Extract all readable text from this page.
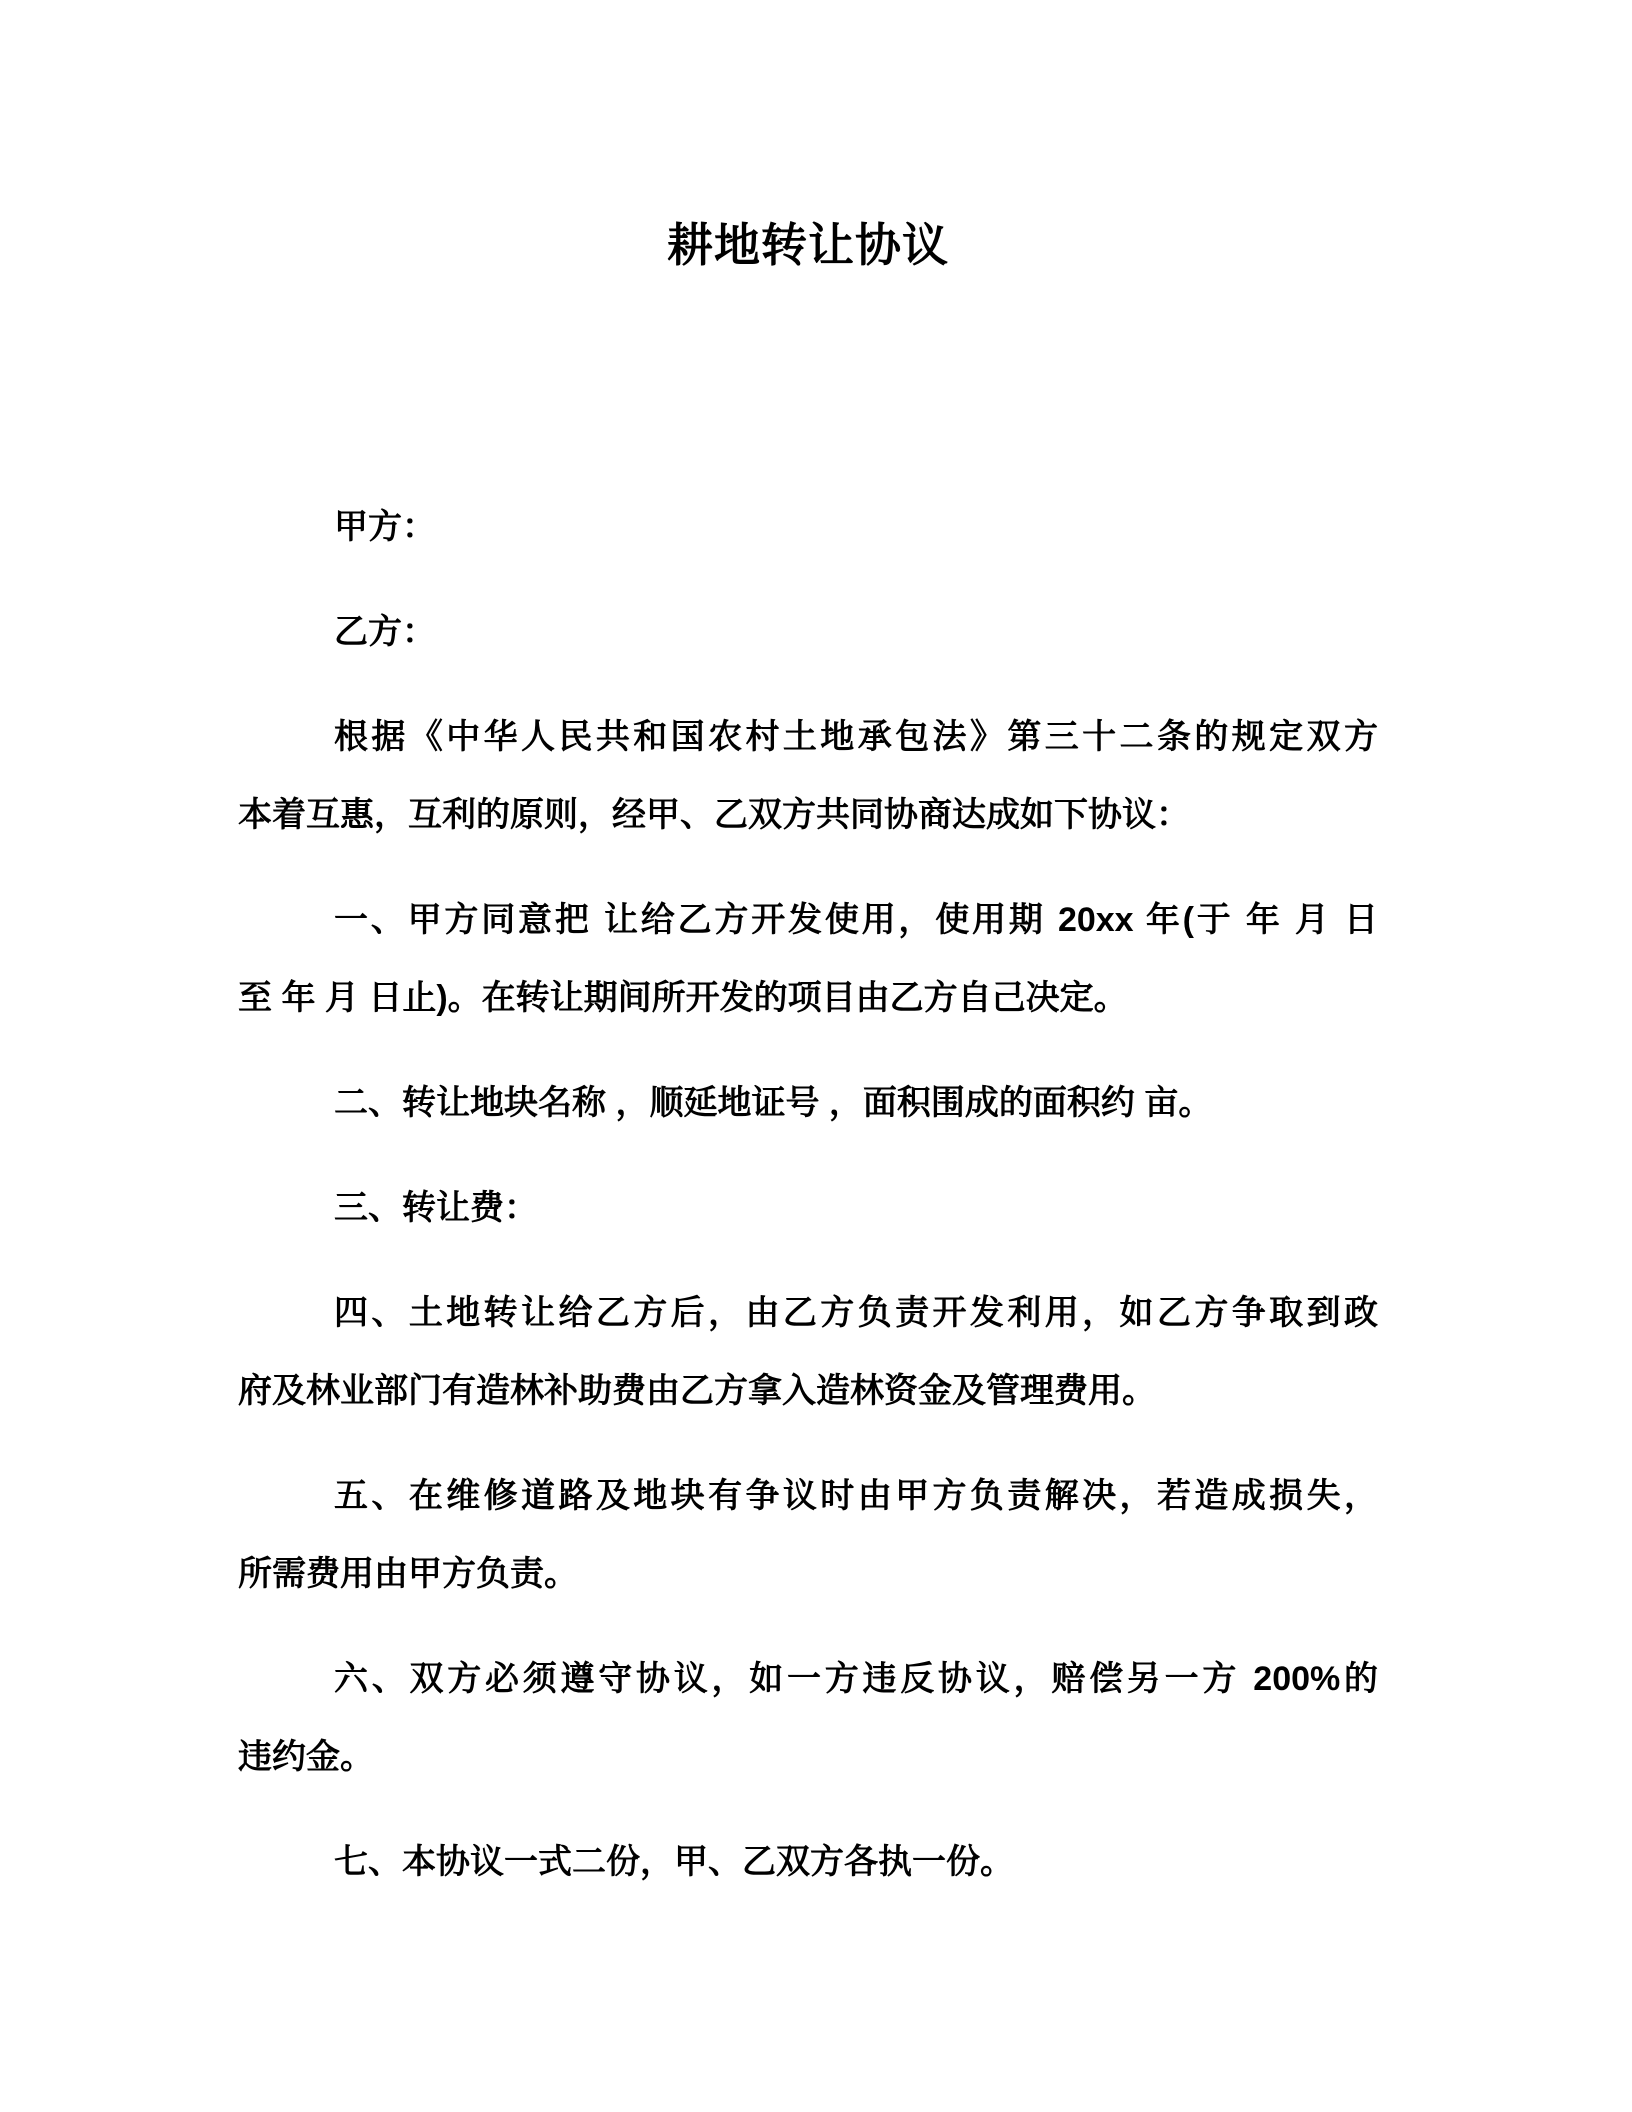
耕地转让协议
甲方：
乙方：
根据《中华人民共和国农村土地承包法》第三十二条的规定双方
本着互惠，互利的原则，经甲、乙双方共同协商达成如下协议：
一、甲方同意把 让给乙方开发使用，使用期 20xx 年(于 年 月 日
至 年 月 日止)。在转让期间所开发的项目由乙方自己决定。
二、转让地块名称 ，顺延地证号 ，面积围成的面积约 亩。
三、转让费：
四、土地转让给乙方后，由乙方负责开发利用，如乙方争取到政
府及林业部门有造林补助费由乙方拿入造林资金及管理费用。
五、在维修道路及地块有争议时由甲方负责解决，若造成损失，
所需费用由甲方负责。
六、双方必须遵守协议，如一方违反协议，赔偿另一方 200%的
违约金。
七、本协议一式二份，甲、乙双方各执一份。
